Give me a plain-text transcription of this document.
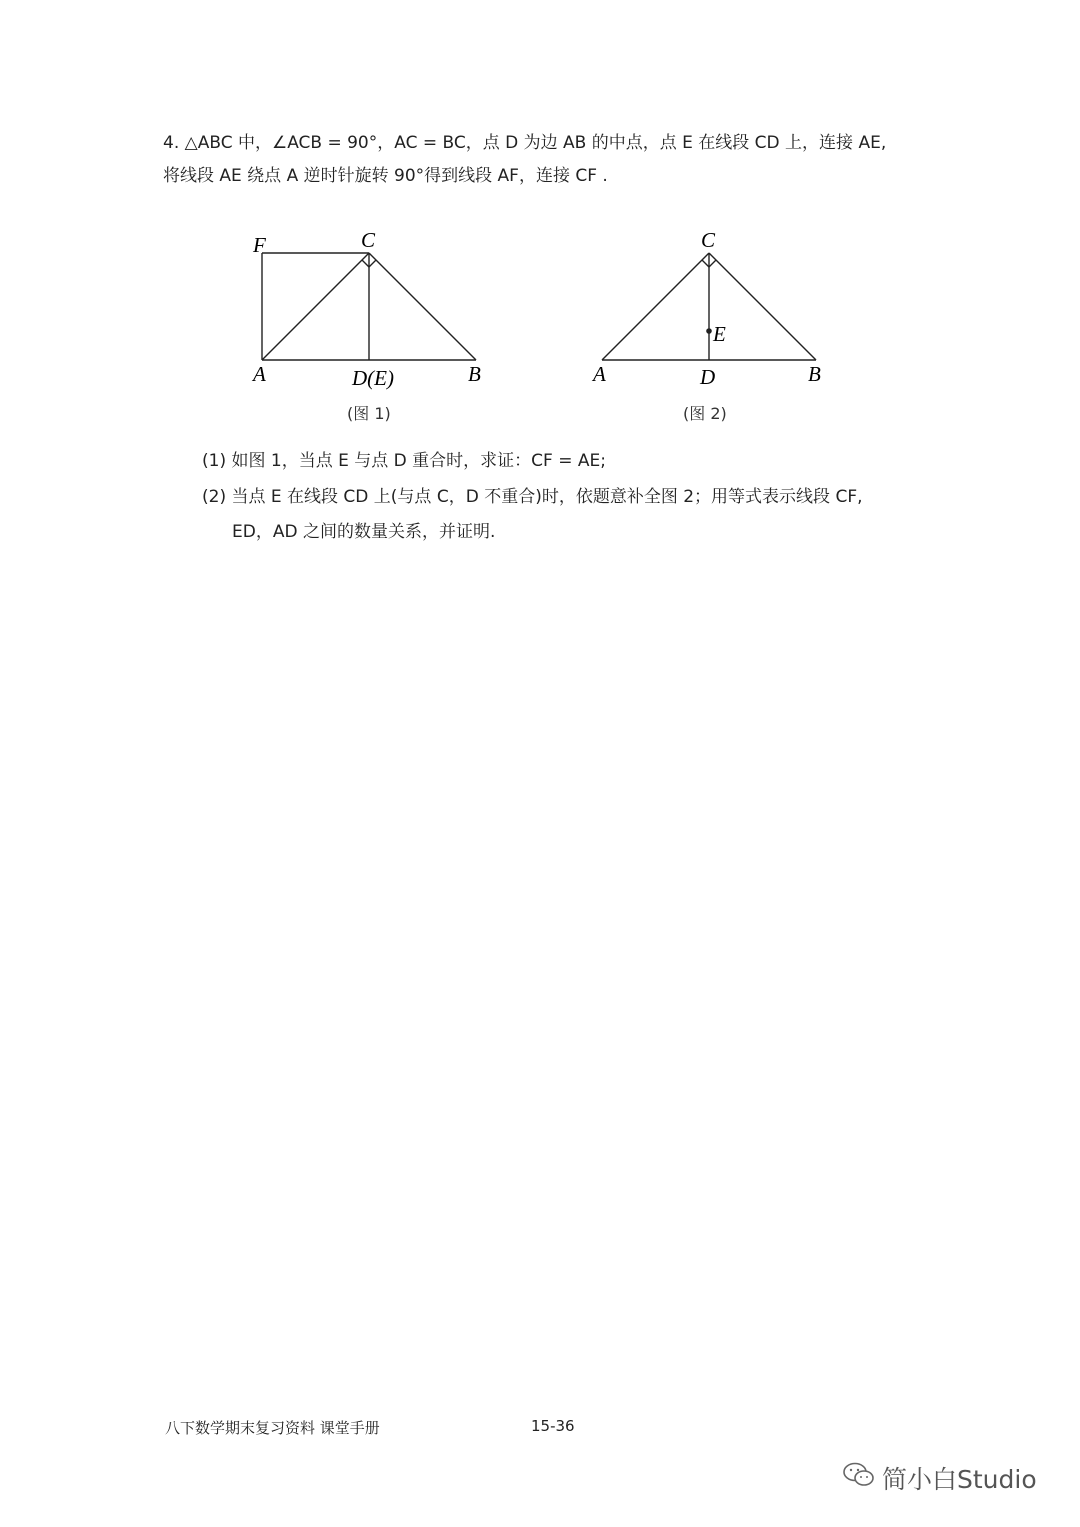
4. △ABC 中，∠ACB = 90°，AC = BC，点 D 为边 AB 的中点，点 E 在线段 CD 上，连接 AE,
将线段 AE 绕点 A 逆时针旋转 90°得到线段 AF，连接 CF .
F	C
A	D(E)	B
(图 1)
C
E
A	D	B
(图 2)
(1) 如图 1，当点 E 与点 D 重合时，求证：CF = AE;
(2) 当点 E 在线段 CD 上(与点 C，D 不重合)时，依题意补全图 2；用等式表示线段 CF,
ED，AD 之间的数量关系，并证明.
八下数学期末复习资料 课堂手册	15-36
简小白Studio
